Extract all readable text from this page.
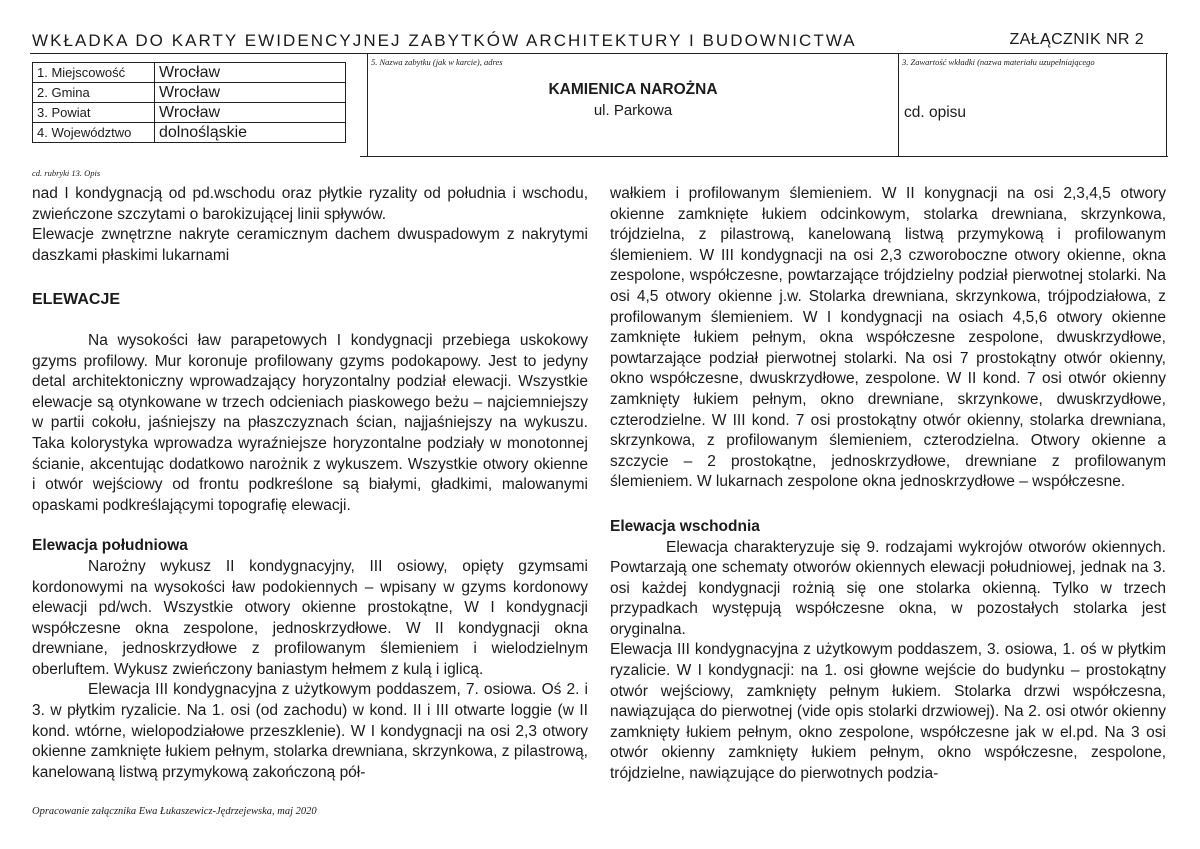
WKŁADKA DO KARTY EWIDENCYJNEJ ZABYTKÓW ARCHITEKTURY I BUDOWNICTWA	ZAŁĄCZNIK NR 2
1. Miejscowość	Wrocław
2. Gmina	Wrocław
3. Powiat	Wrocław
4. Województwo	dolnośląskie
5. Nazwa zabytku (jak w karcie), adres
KAMIENICA NAROŻNA
ul. Parkowa
3. Zawartość wkładki (nazwa materiału uzupełniającego
cd. opisu
cd. rubryki 13. Opis

nad I kondygnacją od pd.wschodu oraz płytkie ryzality od południa i wschodu, zwieńczone szczytami o barokizującej linii spływów.

Elewacje zwnętrzne nakryte ceramicznym dachem dwuspadowym z nakrytymi daszkami płaskimi lukarnami

ELEWACJE

Na wysokości ław parapetowych I kondygnacji przebiega uskokowy gzyms profilowy. Mur koronuje profilowany gzyms podokapowy. Jest to jedyny detal architektoniczny wprowadzający horyzontalny podział elewacji. Wszystkie elewacje są otynkowane w trzech odcieniach piaskowego beżu – najciemniejszy w partii cokołu, jaśniejszy na płaszczyznach ścian, najjaśniejszy na wykuszu. Taka kolorystyka wprowadza wyraźniejsze horyzontalne podziały w monotonnej ścianie, akcentując dodatkowo narożnik z wykuszem. Wszystkie otwory okienne i otwór wejściowy od frontu podkreślone są białymi, gładkimi, malowanymi opaskami podkreślającymi topografię elewacji.

Elewacja południowa

Narożny wykusz II kondygnacyjny, III osiowy, opięty gzymsami kordonowymi na wysokości ław podokiennych – wpisany w gzyms kordonowy elewacji pd/wch. Wszystkie otwory okienne prostokątne, W I kondygnacji współczesne okna zespolone, jednoskrzydłowe. W II kondygnacji okna drewniane, jednoskrzydłowe z profilowanym ślemieniem i wielodzielnym oberluftem. Wykusz zwieńczony baniastym hełmem z kulą i iglicą.

Elewacja III kondygnacyjna z użytkowym poddaszem, 7. osiowa. Oś 2. i 3. w płytkim ryzalicie. Na 1. osi (od zachodu) w kond. II i III otwarte loggie (w II kond. wtórne, wielopodziałowe przeszklenie). W I kondygnacji na osi 2,3 otwory okienne zamknięte łukiem pełnym, stolarka drewniana, skrzynkowa, z pilastrową, kanelowaną listwą przymykową zakończoną pół-

wałkiem i profilowanym ślemieniem. W II konygnacji na osi 2,3,4,5 otwory okienne zamknięte łukiem odcinkowym, stolarka drewniana, skrzynkowa, trójdzielna, z pilastrową, kanelowaną listwą przymykową i profilowanym ślemieniem. W III kondygnacji na osi 2,3 czworoboczne otwory okienne, okna zespolone, współczesne, powtarzające trójdzielny podział pierwotnej stolarki. Na osi 4,5 otwory okienne j.w. Stolarka drewniana, skrzynkowa, trójpodziałowa, z profilowanym ślemieniem. W I kondygnacji na osiach 4,5,6 otwory okienne zamknięte łukiem pełnym, okna współczesne zespolone, dwuskrzydłowe, powtarzające podział pierwotnej stolarki. Na osi 7 prostokątny otwór okienny, okno współczesne, dwuskrzydłowe, zespolone. W II kond. 7 osi otwór okienny zamknięty łukiem pełnym, okno drewniane, skrzynkowe, dwuskrzydłowe, czterodzielne. W III kond. 7 osi prostokątny otwór okienny, stolarka drewniana, skrzynkowa, z profilowanym ślemieniem, czterodzielna. Otwory okienne a szczycie – 2 prostokątne, jednoskrzydłowe, drewniane z profilowanym ślemieniem. W lukarnach zespolone okna jednoskrzydłowe – współczesne.

Elewacja wschodnia

Elewacja charakteryzuje się 9. rodzajami wykrojów otworów okiennych. Powtarzają one schematy otworów okiennych elewacji południowej, jednak na 3. osi każdej kondygnacji rożnią się one stolarka okienną. Tylko w trzech przypadkach występują współczesne okna, w pozostałych stolarka jest oryginalna.

Elewacja III kondygnacyjna z użytkowym poddaszem, 3. osiowa, 1. oś w płytkim ryzalicie. W I kondygnacji: na 1. osi głowne wejście do budynku – prostokątny otwór wejściowy, zamknięty pełnym łukiem. Stolarka drzwi współczesna, nawiązująca do pierwotnej (vide opis stolarki drzwiowej). Na 2. osi otwór okienny zamknięty łukiem pełnym, okno zespolone, współczesne jak w el.pd. Na 3 osi otwór okienny zamknięty łukiem pełnym, okno współczesne, zespolone, trójdzielne, nawiązujące do pierwotnych podzia-

Opracowanie załącznika Ewa Łukaszewicz-Jędrzejewska, maj 2020
